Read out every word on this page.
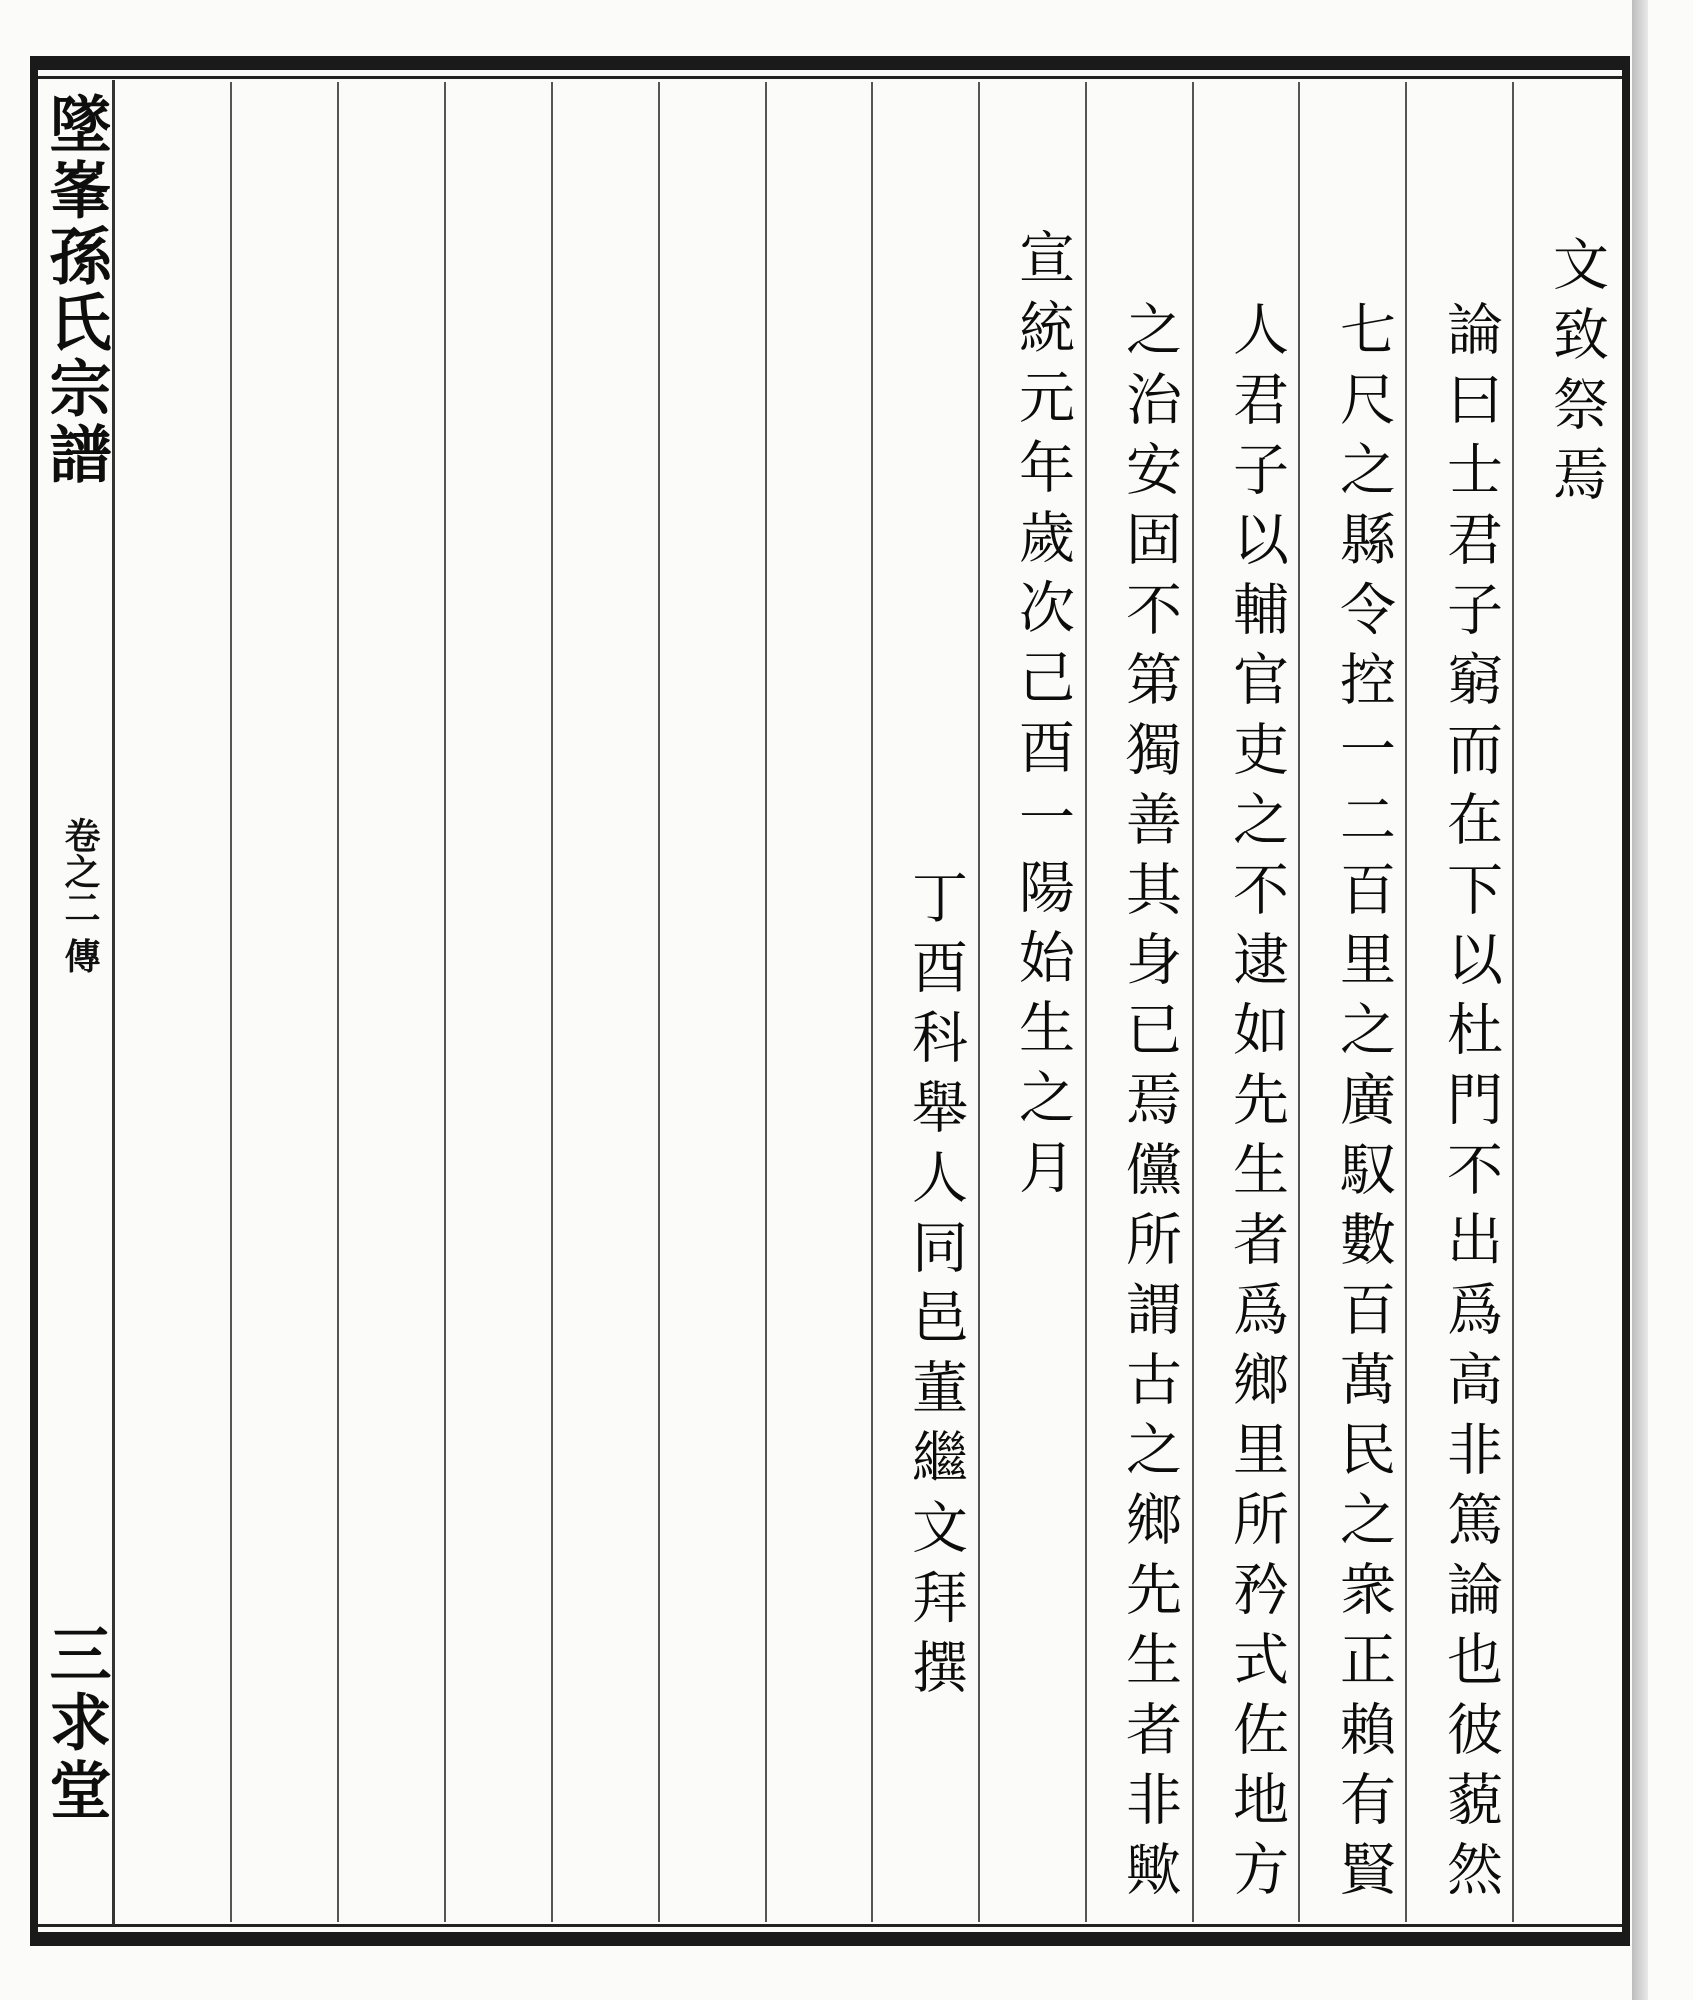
墜峯孫氏宗譜
卷之二 傳
三求堂
文致祭焉
論曰士君子窮而在下以杜門不出爲高非篤論也彼藐然
七尺之縣令控一二百里之廣馭數百萬民之衆正賴有賢
人君子以輔官吏之不逮如先生者爲鄉里所矜式佐地方
之治安固不第獨善其身已焉儻所謂古之鄉先生者非歟
宣統元年歲次己酉一陽始生之月
丁酉科舉人同邑董繼文拜撰
